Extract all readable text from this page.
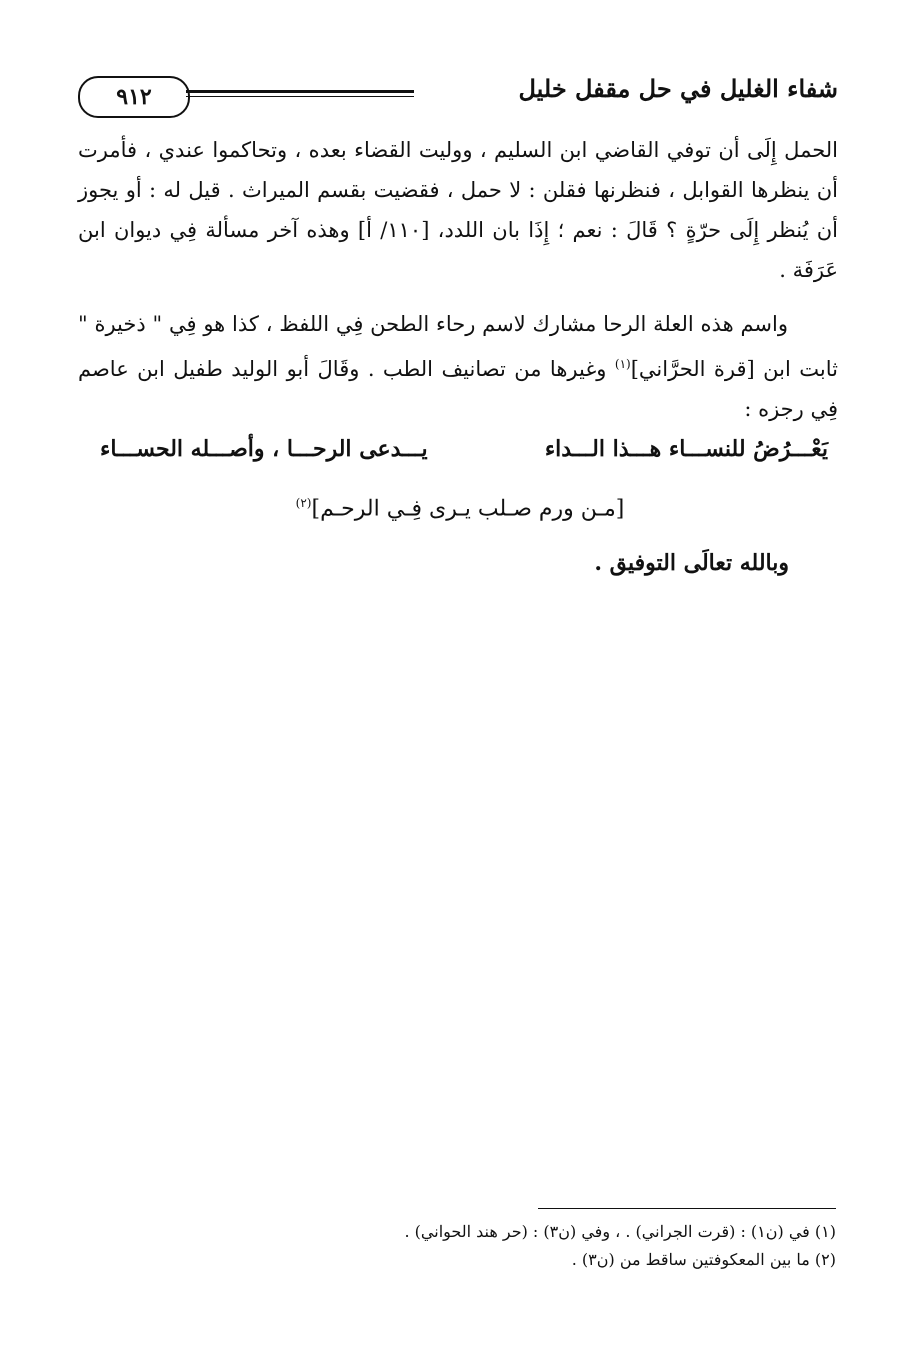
٩١٢	شفاء الغليل في حل مقفل خليل

الحمل إِلَى أن توفي القاضي ابن السليم ، ووليت القضاء بعده ، وتحاكموا عندي ، فأمرت أن ينظرها القوابل ، فنظرنها فقلن : لا حمل ، فقضيت بقسم الميراث . قيل له : أو يجوز أن يُنظر إِلَى حرّةٍ ؟ قَالَ : نعم ؛ إِذَا بان اللدد، [١١٠/ أ] وهذه آخر مسألة فِي ديوان ابن عَرَفَة .

واسم هذه العلة الرحا مشارك لاسم رحاء الطحن فِي اللفظ ، كذا هو فِي " ذخيرة " ثابت ابن [قرة الحرَّاني]$^{(١)}$ وغيرها من تصانيف الطب . وقَالَ أبو الوليد طفيل ابن عاصم فِي رجزه :

يَعْـــرُضُ للنســـاء هـــذا الـــداء
يـــدعى الرحـــا ، وأصـــله الحســـاء
[مـن ورم صـلب يـرى فِـي الرحـم]$^{(٢)}$
وبالله تعالَى التوفيق .
(١) في (ن١) : (قرت الجراني) . ، وفي (ن٣) : (حر هند الحواني) .
(٢) ما بين المعكوفتين ساقط من (ن٣) .
